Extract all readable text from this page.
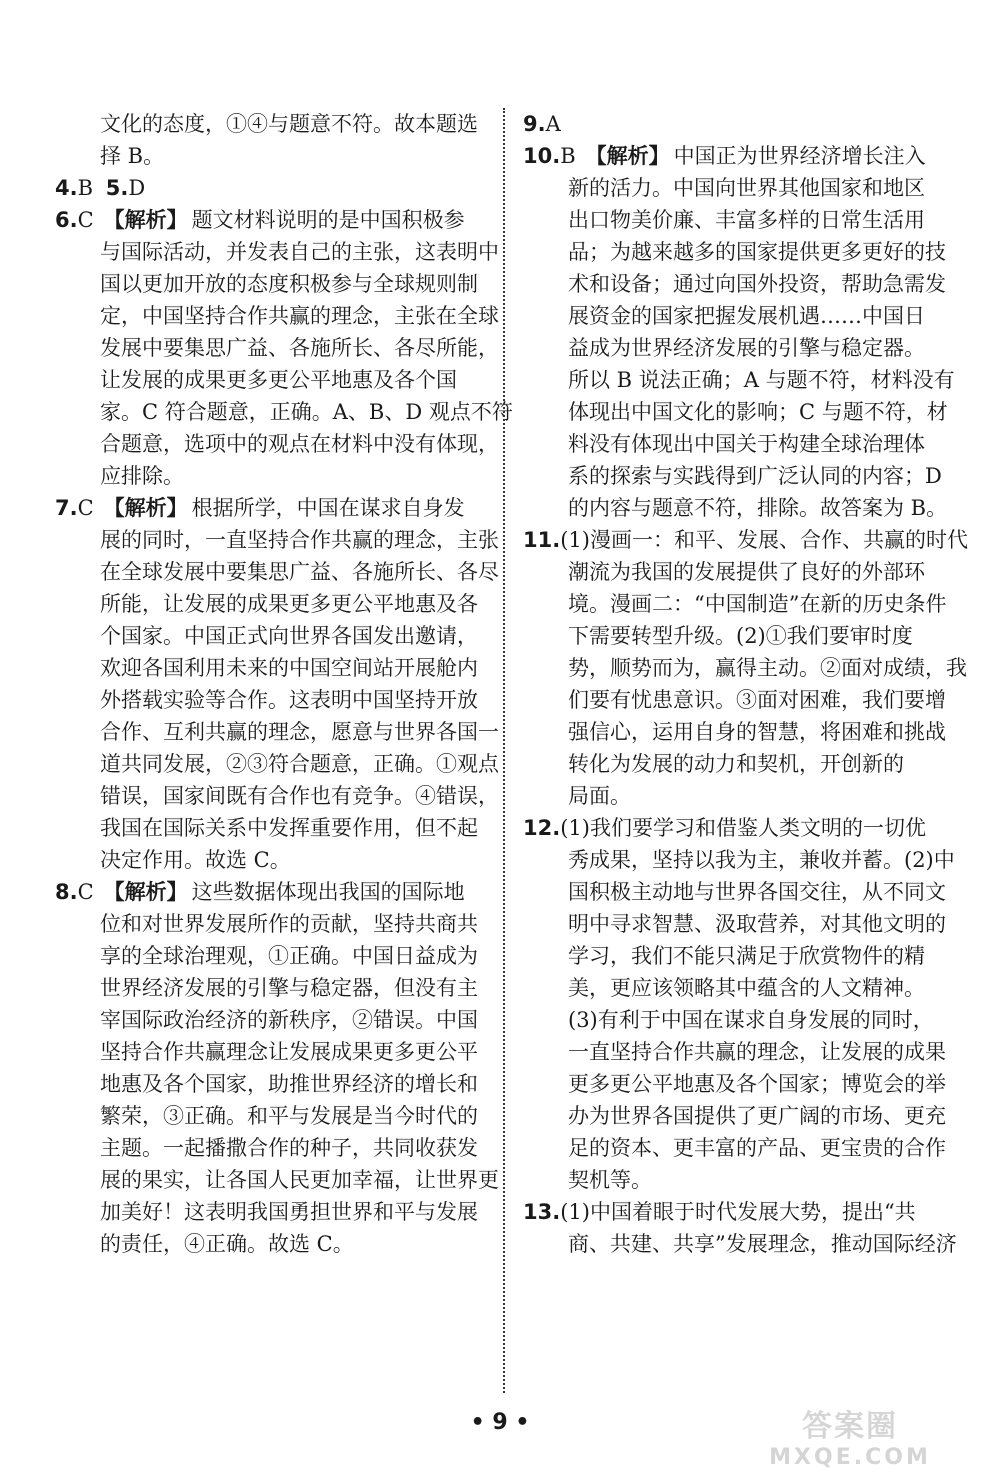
文化的态度，①④与题意不符。故本题选
择 B。
4.B 5.D
6.C 【解析】 题文材料说明的是中国积极参
与国际活动，并发表自己的主张，这表明中
国以更加开放的态度积极参与全球规则制
定，中国坚持合作共赢的理念，主张在全球
发展中要集思广益、各施所长、各尽所能，
让发展的成果更多更公平地惠及各个国
家。C 符合题意，正确。A、B、D 观点不符
合题意，选项中的观点在材料中没有体现，
应排除。
7.C 【解析】 根据所学，中国在谋求自身发
展的同时，一直坚持合作共赢的理念，主张
在全球发展中要集思广益、各施所长、各尽
所能，让发展的成果更多更公平地惠及各
个国家。中国正式向世界各国发出邀请，
欢迎各国利用未来的中国空间站开展舱内
外搭载实验等合作。这表明中国坚持开放
合作、互利共赢的理念，愿意与世界各国一
道共同发展，②③符合题意，正确。①观点
错误，国家间既有合作也有竞争。④错误，
我国在国际关系中发挥重要作用，但不起
决定作用。故选 C。
8.C 【解析】 这些数据体现出我国的国际地
位和对世界发展所作的贡献，坚持共商共
享的全球治理观，①正确。中国日益成为
世界经济发展的引擎与稳定器，但没有主
宰国际政治经济的新秩序，②错误。中国
坚持合作共赢理念让发展成果更多更公平
地惠及各个国家，助推世界经济的增长和
繁荣，③正确。和平与发展是当今时代的
主题。一起播撒合作的种子，共同收获发
展的果实，让各国人民更加幸福，让世界更
加美好！这表明我国勇担世界和平与发展
的责任，④正确。故选 C。
9.A
10.B 【解析】 中国正为世界经济增长注入
新的活力。中国向世界其他国家和地区
出口物美价廉、丰富多样的日常生活用
品；为越来越多的国家提供更多更好的技
术和设备；通过向国外投资，帮助急需发
展资金的国家把握发展机遇……中国日
益成为世界经济发展的引擎与稳定器。
所以 B 说法正确；A 与题不符，材料没有
体现出中国文化的影响；C 与题不符，材
料没有体现出中国关于构建全球治理体
系的探索与实践得到广泛认同的内容；D
的内容与题意不符，排除。故答案为 B。
11.(1)漫画一：和平、发展、合作、共赢的时代
潮流为我国的发展提供了良好的外部环
境。漫画二：“中国制造”在新的历史条件
下需要转型升级。(2)①我们要审时度
势，顺势而为，赢得主动。②面对成绩，我
们要有忧患意识。③面对困难，我们要增
强信心，运用自身的智慧，将困难和挑战
转化为发展的动力和契机，开创新的
局面。
12.(1)我们要学习和借鉴人类文明的一切优
秀成果，坚持以我为主，兼收并蓄。(2)中
国积极主动地与世界各国交往，从不同文
明中寻求智慧、汲取营养，对其他文明的
学习，我们不能只满足于欣赏物件的精
美，更应该领略其中蕴含的人文精神。
(3)有利于中国在谋求自身发展的同时，
一直坚持合作共赢的理念，让发展的成果
更多更公平地惠及各个国家；博览会的举
办为世界各国提供了更广阔的市场、更充
足的资本、更丰富的产品、更宝贵的合作
契机等。
13.(1)中国着眼于时代发展大势，提出“共
商、共建、共享”发展理念，推动国际经济
• 9 •	答案圈
MXQE.COM
